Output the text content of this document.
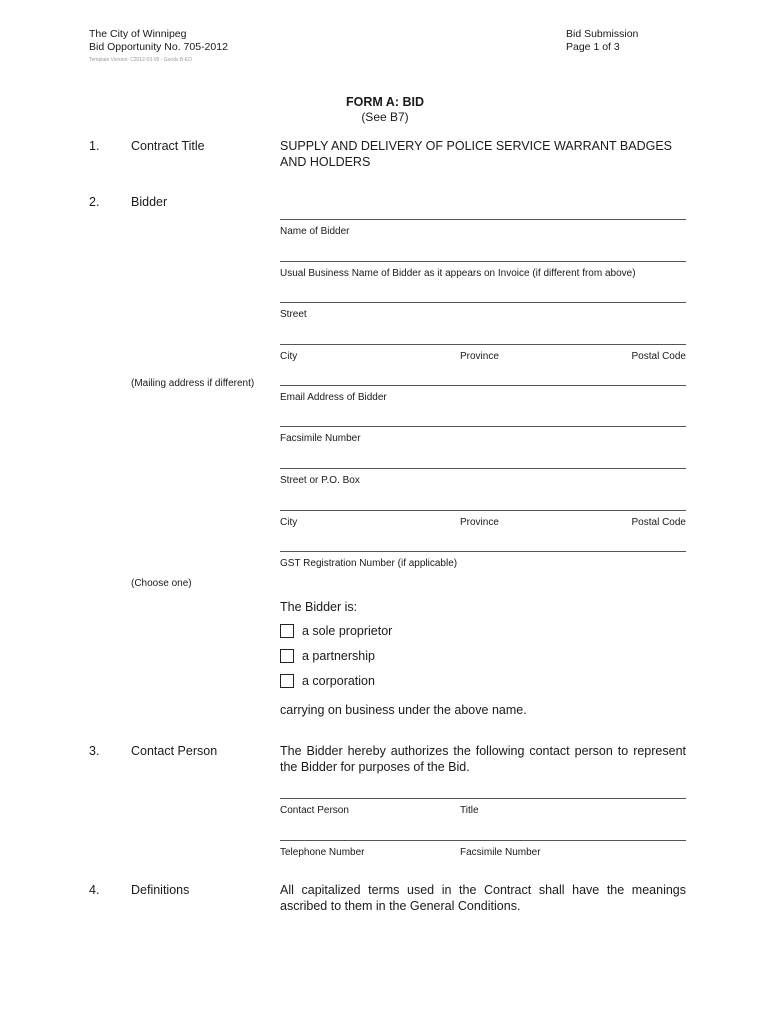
The City of Winnipeg
Bid Opportunity No. 705-2012
Bid Submission
Page 1 of 3
Template Version: C2012-03-09 - Goods B-ED
FORM A: BID
(See B7)
1.	Contract Title	SUPPLY AND DELIVERY OF POLICE SERVICE WARRANT BADGES AND HOLDERS
2.	Bidder
Name of Bidder
Usual Business Name of Bidder as it appears on Invoice (if different from above)
Street
City	Province	Postal Code
(Mailing address if different)
Email Address of Bidder
Facsimile Number
Street or P.O. Box
City	Province	Postal Code
GST Registration Number (if applicable)
(Choose one)
The Bidder is:
a sole proprietor
a partnership
a corporation
carrying on business under the above name.
3.	Contact Person	The Bidder hereby authorizes the following contact person to represent the Bidder for purposes of the Bid.
Contact Person	Title
Telephone Number	Facsimile Number
4.	Definitions	All capitalized terms used in the Contract shall have the meanings ascribed to them in the General Conditions.
